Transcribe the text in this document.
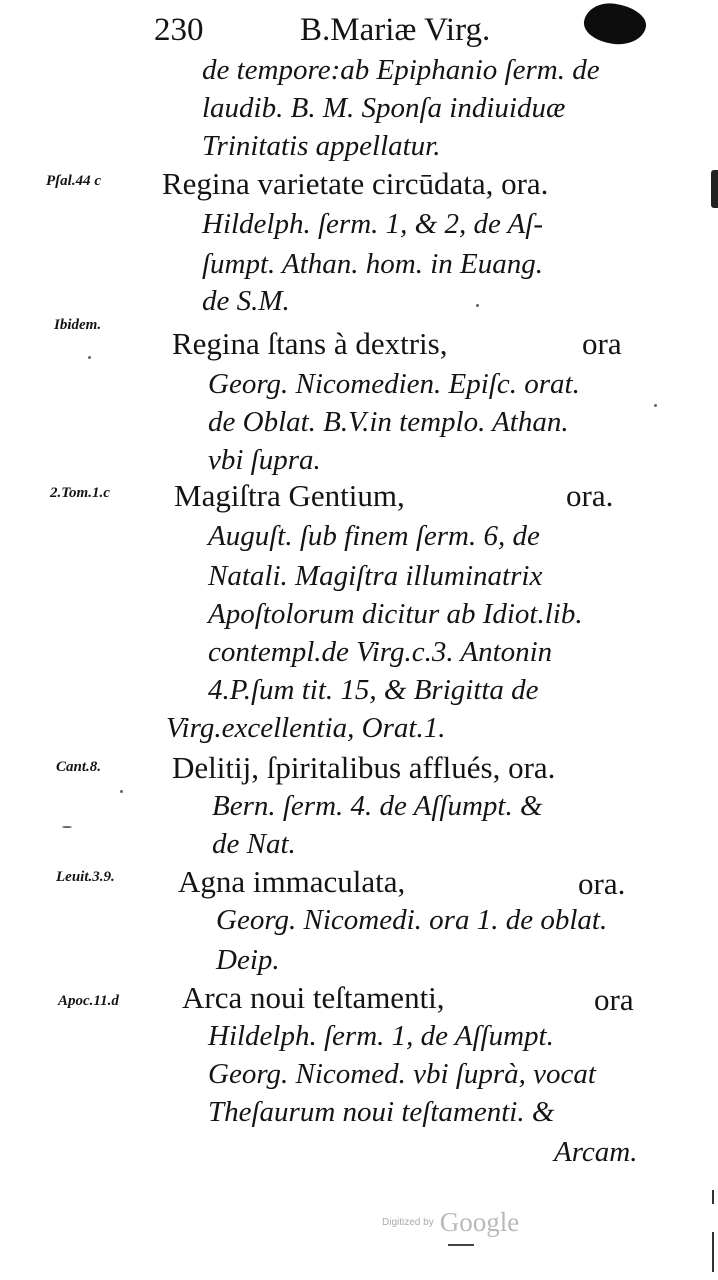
230	B.Mariæ Virg.
de tempore:ab Epiphanio ſerm. de
laudib. B. M. Sponſa indiuiduæ
Trinitatis appellatur.
Pſal.44 c Regina varietate circūdata, ora.
Hildelph. ſerm. 1, & 2, de Aſ-
ſumpt. Athan. hom. in Euang.
de S.M.
Ibidem.
Regina ſtans à dextris,	ora
Georg. Nicomedien. Epiſc. orat.
de Oblat. B.V.in templo. Athan.
vbi ſupra.
2.Tom.1.c Magiſtra Gentium,	ora.
Auguſt. ſub finem ſerm. 6, de
Natali. Magiſtra illuminatrix
Apoſtolorum dicitur ab Idiot.lib.
contempl.de Virg.c.3. Antonin
4.P.ſum tit. 15, & Brigitta de
Virg.excellentia, Orat.1.
Cant.8. Delitij, ſpiritalibus afflués, ora.
Bern. ſerm. 4. de Aſſumpt. &
de Nat.
Leuit.3.9. Agna immaculata,	ora.
Georg. Nicomedi. ora 1. de oblat.
Deip.
Apoc.11.d Arca noui teſtamenti,	ora
Hildelph. ſerm. 1, de Aſſumpt.
Georg. Nicomed. vbi ſuprà, vocat
Theſaurum noui teſtamenti. &
Arcam.
Digitized by Google
